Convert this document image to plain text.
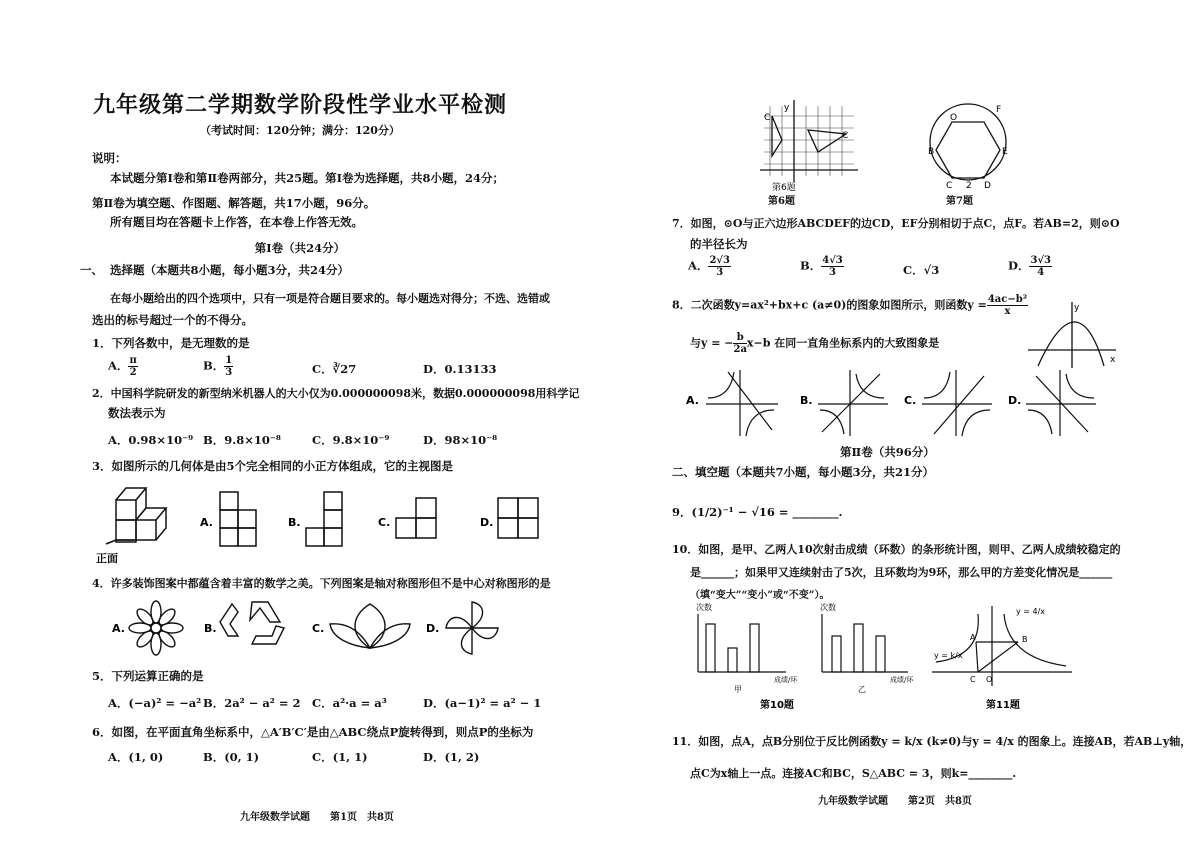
九年级第二学期数学阶段性学业水平检测
（考试时间：120分钟；满分：120分）
说明：
本试题分第Ⅰ卷和第Ⅱ卷两部分，共25题。第Ⅰ卷为选择题，共8小题，24分；
第Ⅱ卷为填空题、作图题、解答题，共17小题，96分。
所有题目均在答题卡上作答，在本卷上作答无效。
第Ⅰ卷（共24分）
一、 选择题（本题共8小题，每小题3分，共24分）
在每小题给出的四个选项中，只有一项是符合题目要求的。每小题选对得分；不选、选错或
选出的标号超过一个的不得分。
1．下列各数中，是无理数的是
A． $\frac{\pi}{2}$	B． $\frac{1}{3}$	C．∛27	D．0.13133
2．中国科学院研发的新型纳米机器人的大小仅为0.000000098米，数据0.000000098用科学记
数法表示为
A．0.98×10⁻⁹ B．9.8×10⁻⁸	C．9.8×10⁻⁹	D．98×10⁻⁸
3．如图所示的几何体是由5个完全相同的小正方体组成，它的主视图是
正面
A.	B.	C.	D.
4．许多装饰图案中都蕴含着丰富的数学之美。下列图案是轴对称图形但不是中心对称图形的是
A.	B.	C.	D.
5．下列运算正确的是
A．(−a)² = −a² B．2a² − a² = 2 C．a²·a = a³	D．(a−1)² = a² − 1
6．如图，在平面直角坐标系中，△A′B′C′是由△ABC绕点P旋转得到，则点P的坐标为
A．(1, 0)	B．(0, 1)	C．(1, 1)	D．(1, 2)
九年级数学试题　　第1页　共8页
y
C
C
第6题
O
B	E
C 2 D
F
第6题	第7题
7．如图，⊙O与正六边形ABCDEF的边CD，EF分别相切于点C，点F。若AB=2，则⊙O
的半径长为
A． $\frac{2√3}{3}$	B． $\frac{4√3}{3}$	C．√3	D． $\frac{3√3}{4}$
8．二次函数y=ax²+bx+c (a≠0)的图象如图所示，则函数$y = \frac{\text{4ac−b²}}{x}$
与y = − $\frac{b}{2a} x-b$ 在同一直角坐标系内的大致图象是
y
x
A.	B.	C.	D.
第Ⅱ卷（共96分）
二、填空题（本题共7小题，每小题3分，共21分）
9．(1/2)⁻¹ − √16 = ________.
10．如图，是甲、乙两人10次射击成绩（环数）的条形统计图，则甲、乙两人成绩较稳定的
是______；如果甲又连续射击了5次，且环数均为9环，那么甲的方差变化情况是______
（填“变大”“变小”或“不变”）。
次数
成绩/环
甲
次数
成绩/环
乙
第10题
y = k/x
y = 4/x
B
A
C O
第11题
11．如图，点A，点B分别位于反比例函数y = k/x (k≠0)与y = 4/x 的图象上。连接AB，若AB⊥y轴，
点C为x轴上一点。连接AC和BC，S△ABC = 3，则k=________.
九年级数学试题　　第2页　共8页
